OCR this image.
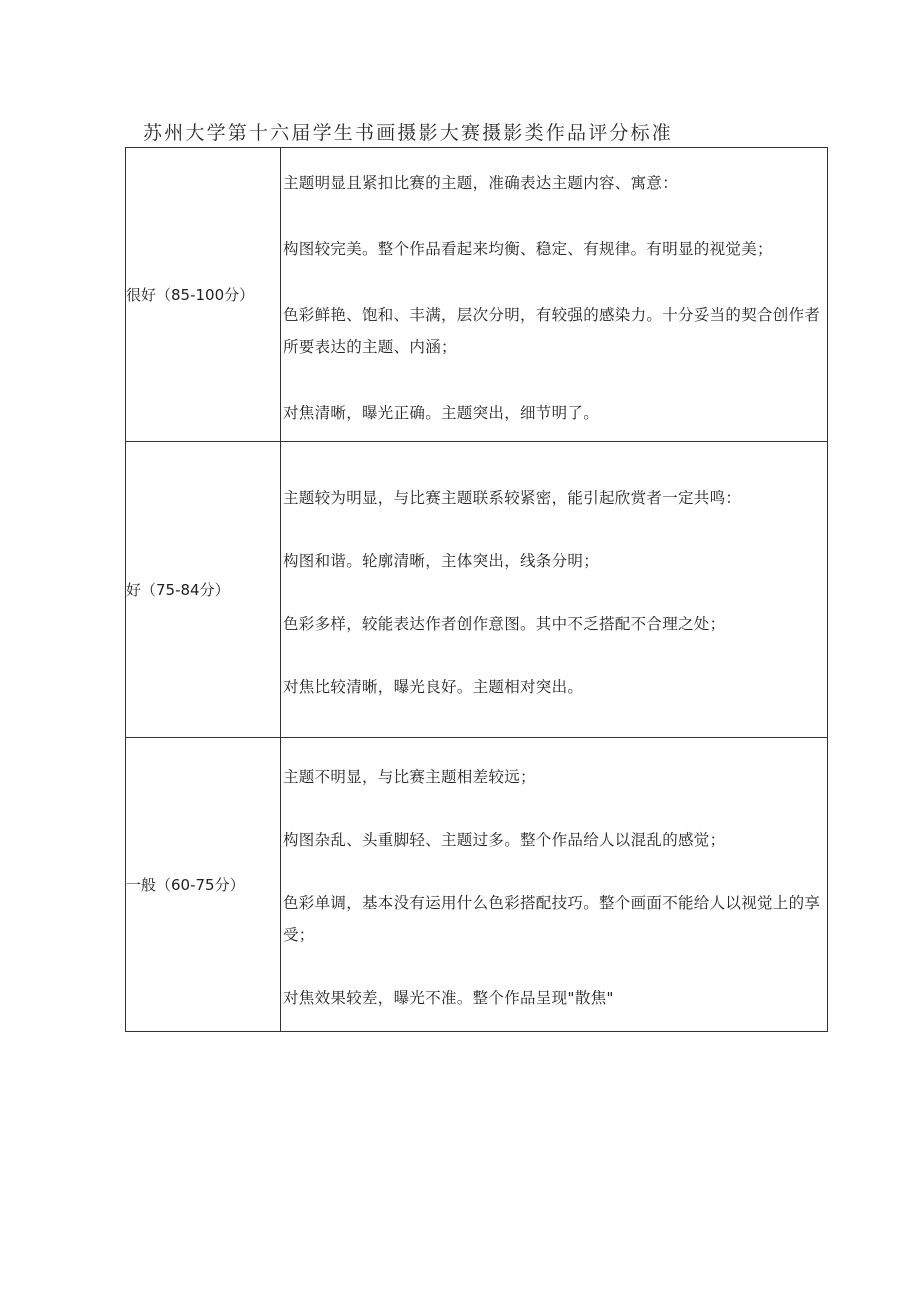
苏州大学第十六届学生书画摄影大赛摄影类作品评分标准
很好（85-100分）	主题明显且紧扣比赛的主题，准确表达主题内容、寓意：

构图较完美。整个作品看起来均衡、稳定、有规律。有明显的视觉美；

色彩鲜艳、饱和、丰满，层次分明，有较强的感染力。十分妥当的契合创作者所要表达的主题、内涵；

对焦清晰，曝光正确。主题突出，细节明了。

好（75-84分）	主题较为明显，与比赛主题联系较紧密，能引起欣赏者一定共鸣：

构图和谐。轮廓清晰，主体突出，线条分明；

色彩多样，较能表达作者创作意图。其中不乏搭配不合理之处；

对焦比较清晰，曝光良好。主题相对突出。

一般（60-75分）	主题不明显，与比赛主题相差较远；

构图杂乱、头重脚轻、主题过多。整个作品给人以混乱的感觉；

色彩单调，基本没有运用什么色彩搭配技巧。整个画面不能给人以视觉上的享受；

对焦效果较差，曝光不准。整个作品呈现"散焦"
